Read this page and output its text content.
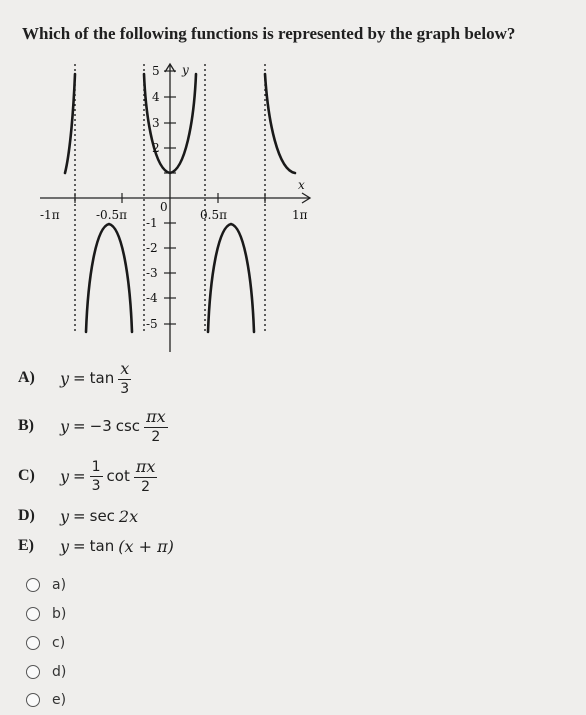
Which of the following functions is represented by the graph below?
y
x
0
-1π	-0.5π	0.5π	1π
5
4
3
2
-1
-2
-3
-4
-5
A)	$y = \tan \frac{x}{3}$
B)	y = −3 $\csc \frac{\pi x}{2}$
C)	$y = \frac{1}{3}$ $\cot \frac{\pi x}{2}$
D)	y = sec 2x
E)	y = tan (x + π)
a)
b)
c)
d)
e)
